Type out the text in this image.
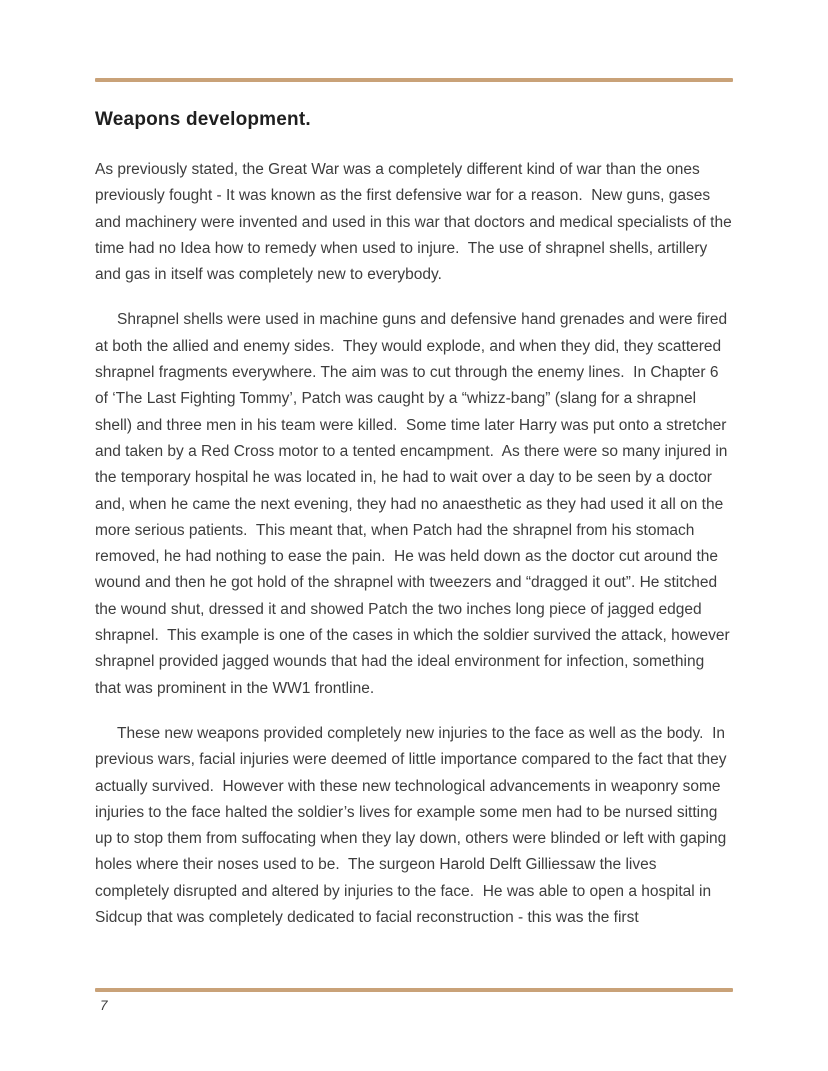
Weapons development.

As previously stated, the Great War was a completely different kind of war than the ones previously fought - It was known as the first defensive war for a reason.  New guns, gases and machinery were invented and used in this war that doctors and medical specialists of the time had no Idea how to remedy when used to injure.  The use of shrapnel shells, artillery and gas in itself was completely new to everybody.

Shrapnel shells were used in machine guns and defensive hand grenades and were fired at both the allied and enemy sides.  They would explode, and when they did, they scattered shrapnel fragments everywhere. The aim was to cut through the enemy lines.  In Chapter 6 of ‘The Last Fighting Tommy’, Patch was caught by a “whizz-bang” (slang for a shrapnel shell) and three men in his team were killed.  Some time later Harry was put onto a stretcher and taken by a Red Cross motor to a tented encampment.  As there were so many injured in the temporary hospital he was located in, he had to wait over a day to be seen by a doctor and, when he came the next evening, they had no anaesthetic as they had used it all on the more serious patients.  This meant that, when Patch had the shrapnel from his stomach removed, he had nothing to ease the pain.  He was held down as the doctor cut around the wound and then he got hold of the shrapnel with tweezers and “dragged it out”. He stitched the wound shut, dressed it and showed Patch the two inches long piece of jagged edged shrapnel.  This example is one of the cases in which the soldier survived the attack, however shrapnel provided jagged wounds that had the ideal environment for infection, something that was prominent in the WW1 frontline.

These new weapons provided completely new injuries to the face as well as the body.  In previous wars, facial injuries were deemed of little importance compared to the fact that they actually survived.  However with these new technological advancements in weaponry some injuries to the face halted the soldier’s lives for example some men had to be nursed sitting up to stop them from suffocating when they lay down, others were blinded or left with gaping holes where their noses used to be.  The surgeon Harold Delft Gilliessaw the lives completely disrupted and altered by injuries to the face.  He was able to open a hospital in Sidcup that was completely dedicated to facial reconstruction - this was the first

7
